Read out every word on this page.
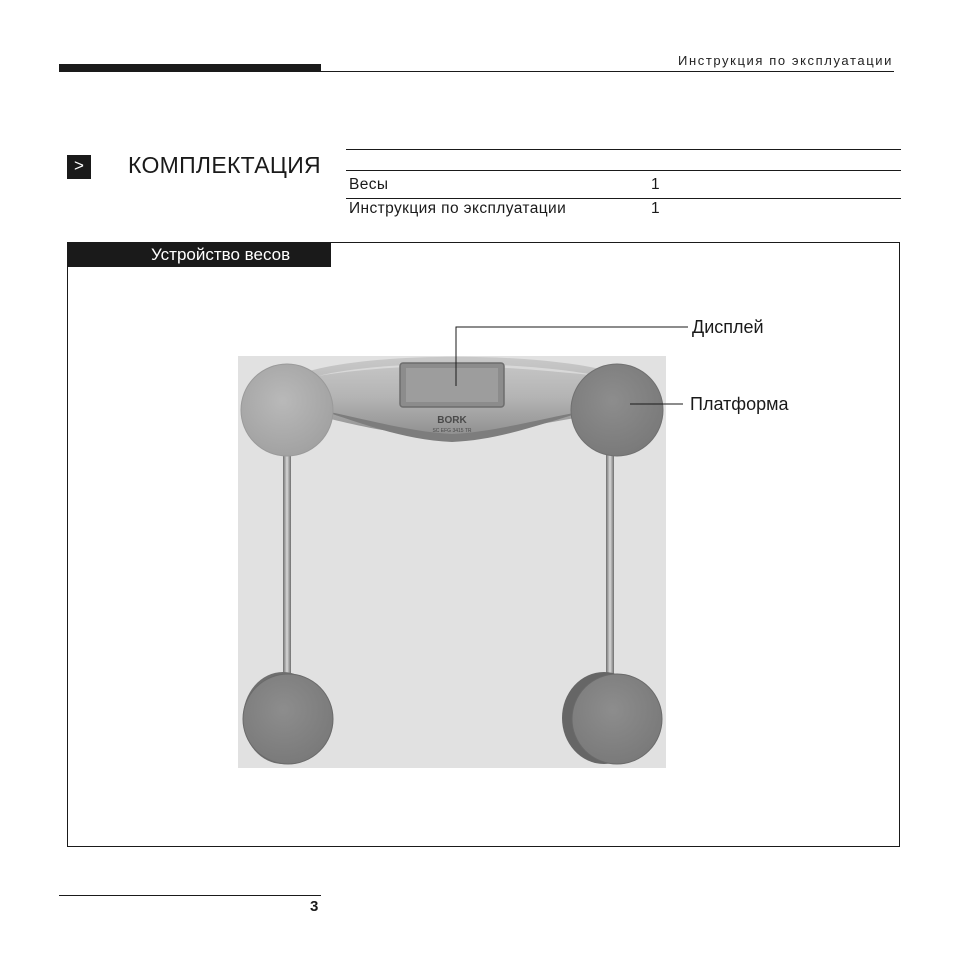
Инструкция по эксплуатации
>	КОМПЛЕКТАЦИЯ
Весы	1
Инструкция по эксплуатации	1
Устройство весов
BORK
SC EFG 3415 TR
Дисплей
Платформа
3
